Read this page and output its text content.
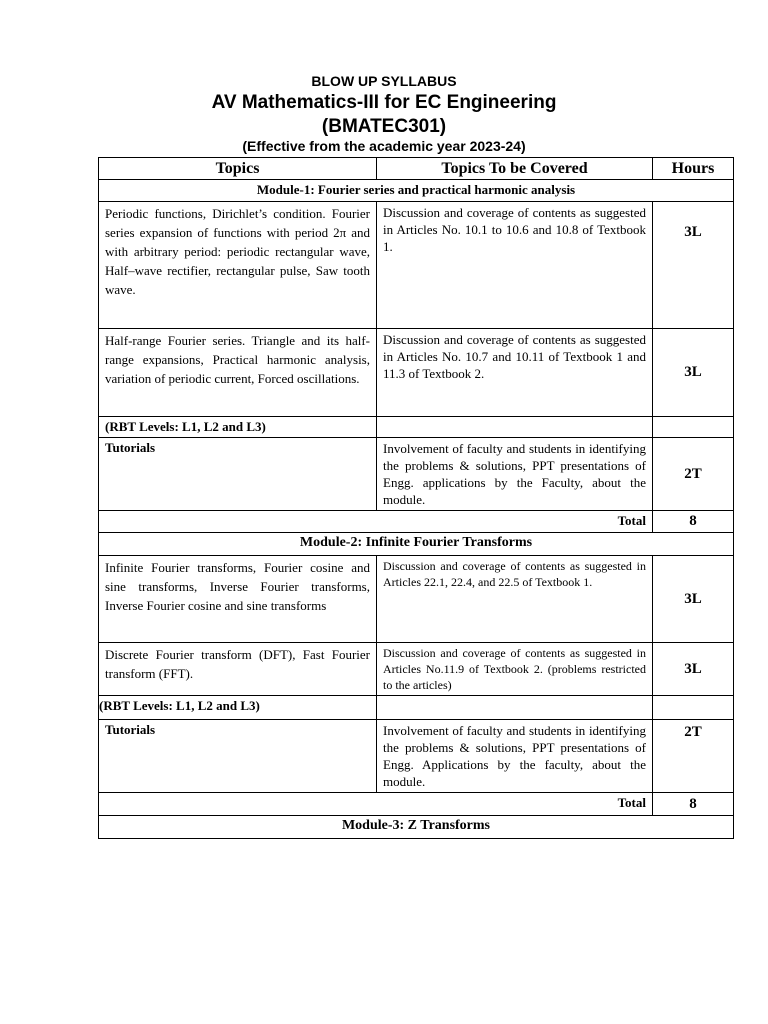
BLOW UP SYLLABUS
AV Mathematics-III for EC Engineering
(BMATEC301)
(Effective from the academic year 2023-24)
Topics	Topics To be Covered	Hours
Module-1: Fourier series and practical harmonic analysis		
Periodic functions, Dirichlet’s condition. Fourier series expansion of functions with period 2π and with arbitrary period: periodic rectangular wave, Half–wave rectifier, rectangular pulse, Saw tooth wave.	Discussion and coverage of contents as suggested in Articles No. 10.1 to 10.6 and 10.8 of Textbook 1.	3L
Half-range Fourier series. Triangle and its half-range expansions, Practical harmonic analysis, variation of periodic current, Forced oscillations.	Discussion and coverage of contents as suggested in Articles No. 10.7 and 10.11 of Textbook 1 and 11.3 of Textbook 2.	3L
(RBT Levels: L1, L2 and L3)		
Tutorials	Involvement of faculty and students in identifying the problems & solutions, PPT presentations of Engg. applications by the Faculty, about the module.	2T
Total		8
Module-2: Infinite Fourier Transforms		
Infinite Fourier transforms, Fourier cosine and sine transforms, Inverse Fourier transforms, Inverse Fourier cosine and sine transforms	Discussion and coverage of contents as suggested in Articles 22.1, 22.4, and 22.5 of Textbook 1.	3L
Discrete Fourier transform (DFT), Fast Fourier transform (FFT).	Discussion and coverage of contents as suggested in Articles No.11.9 of Textbook 2. (problems restricted to the articles)	3L
(RBT Levels: L1, L2 and L3)		
Tutorials	Involvement of faculty and students in identifying the problems & solutions, PPT presentations of Engg. Applications by the faculty, about the module.	2T
Total		8
Module-3: Z Transforms		
